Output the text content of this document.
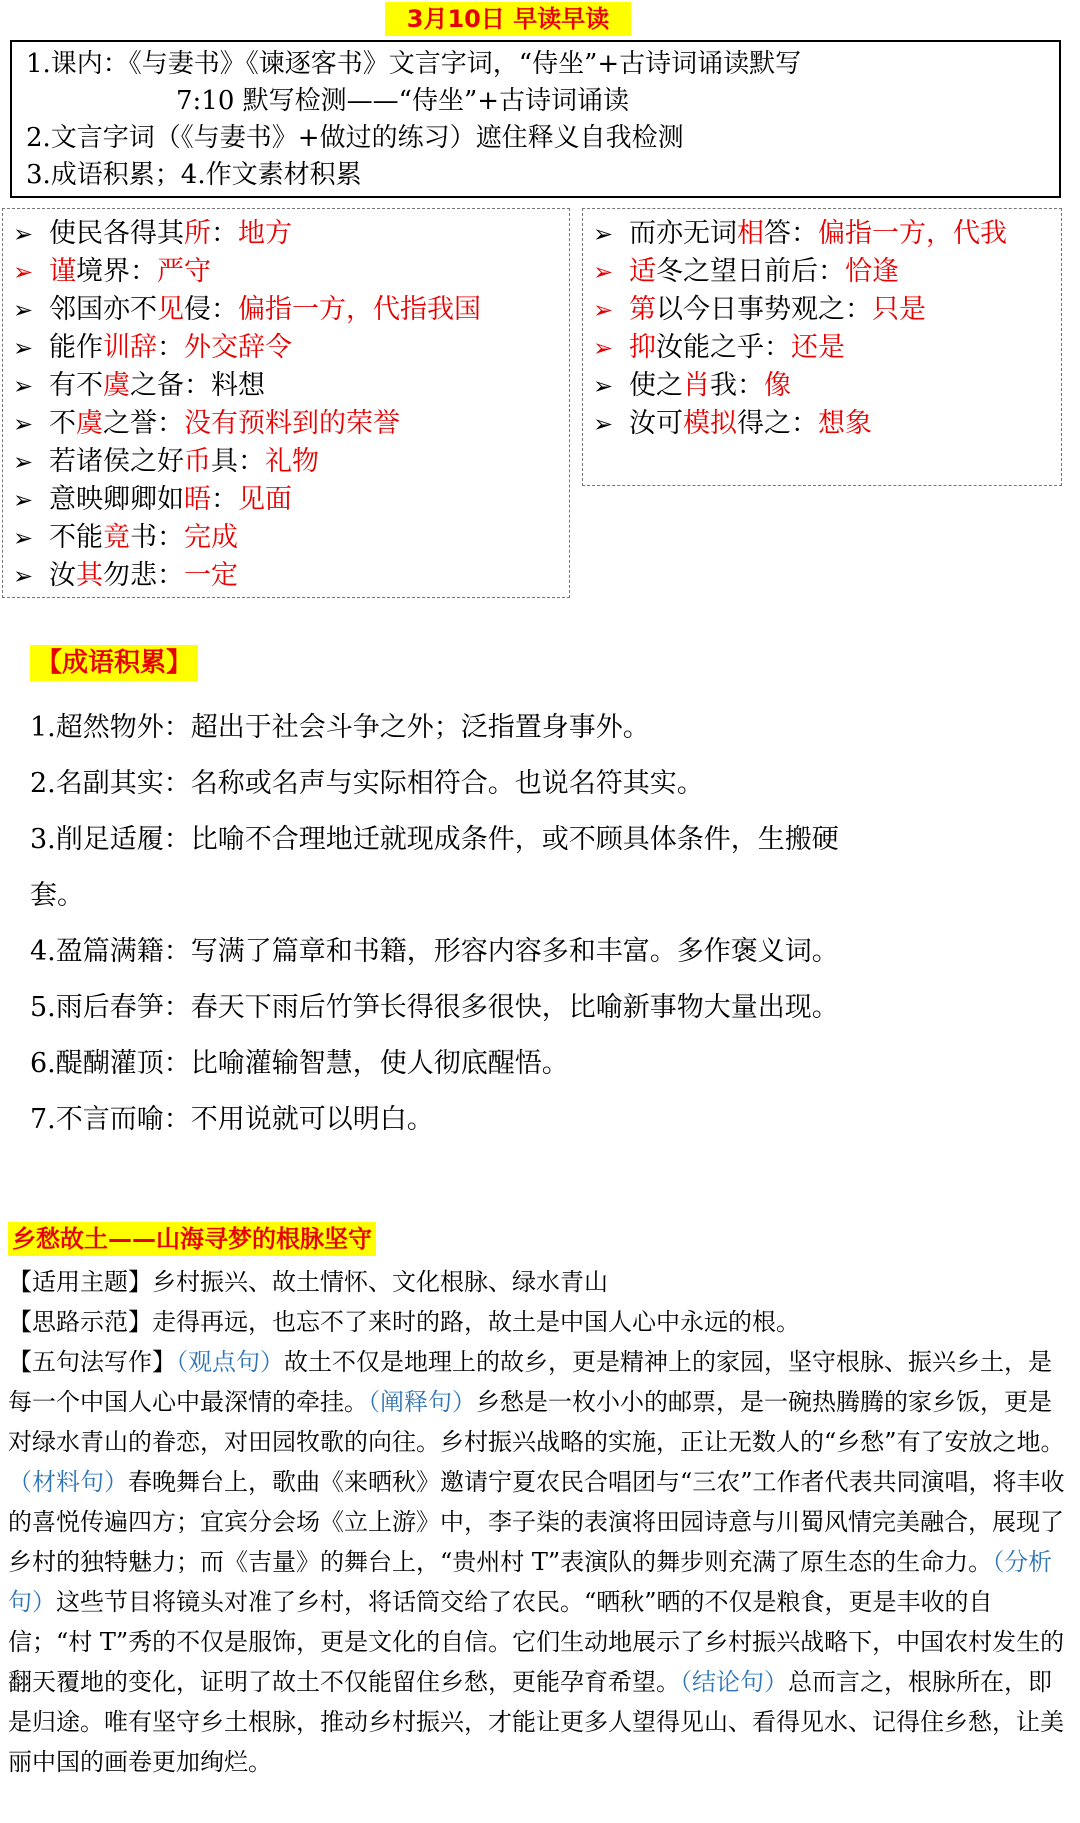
3月10日 早读早读
1.课内：《与妻书》《谏逐客书》文言字词，“侍坐”+古诗词诵读默写
7:10 默写检测——“侍坐”+古诗词诵读
2.文言字词（《与妻书》+做过的练习）遮住释义自我检测
3.成语积累；4.作文素材积累
➢ 使民各得其所：地方
➢ 谨境界：严守
➢ 邻国亦不见侵：偏指一方，代指我国
➢ 能作训辞：外交辞令
➢ 有不虞之备：料想
➢ 不虞之誉：没有预料到的荣誉
➢ 若诸侯之好币具：礼物
➢ 意映卿卿如晤：见面
➢ 不能竟书：完成
➢ 汝其勿悲：一定
➢ 而亦无词相答：偏指一方，代我
➢ 适冬之望日前后：恰逢
➢ 第以今日事势观之：只是
➢ 抑汝能之乎：还是
➢ 使之肖我：像
➢ 汝可模拟得之：想象
【成语积累】
1.超然物外：超出于社会斗争之外；泛指置身事外。
2.名副其实：名称或名声与实际相符合。也说名符其实。
3.削足适履：比喻不合理地迁就现成条件，或不顾具体条件，生搬硬
套。
4.盈篇满籍：写满了篇章和书籍，形容内容多和丰富。多作褒义词。
5.雨后春笋：春天下雨后竹笋长得很多很快，比喻新事物大量出现。
6.醍醐灌顶：比喻灌输智慧，使人彻底醒悟。
7.不言而喻：不用说就可以明白。
乡愁故土——山海寻梦的根脉坚守
【适用主题】乡村振兴、故土情怀、文化根脉、绿水青山
【思路示范】走得再远，也忘不了来时的路，故土是中国人心中永远的根。
【五句法写作】（观点句）故土不仅是地理上的故乡，更是精神上的家园，坚守根脉、振兴乡土，是每一个中国人心中最深情的牵挂。（阐释句）乡愁是一枚小小的邮票，是一碗热腾腾的家乡饭，更是对绿水青山的眷恋，对田园牧歌的向往。乡村振兴战略的实施，正让无数人的“乡愁”有了安放之地。（材料句）春晚舞台上，歌曲《来晒秋》邀请宁夏农民合唱团与“三农”工作者代表共同演唱，将丰收的喜悦传遍四方；宜宾分会场《立上游》中，李子柒的表演将田园诗意与川蜀风情完美融合，展现了乡村的独特魅力；而《吉量》的舞台上，“贵州村 T”表演队的舞步则充满了原生态的生命力。（分析句）这些节目将镜头对准了乡村，将话筒交给了农民。“晒秋”晒的不仅是粮食，更是丰收的自信；“村 T”秀的不仅是服饰，更是文化的自信。它们生动地展示了乡村振兴战略下，中国农村发生的翻天覆地的变化，证明了故土不仅能留住乡愁，更能孕育希望。（结论句）总而言之，根脉所在，即是归途。唯有坚守乡土根脉，推动乡村振兴，才能让更多人望得见山、看得见水、记得住乡愁，让美丽中国的画卷更加绚烂。
